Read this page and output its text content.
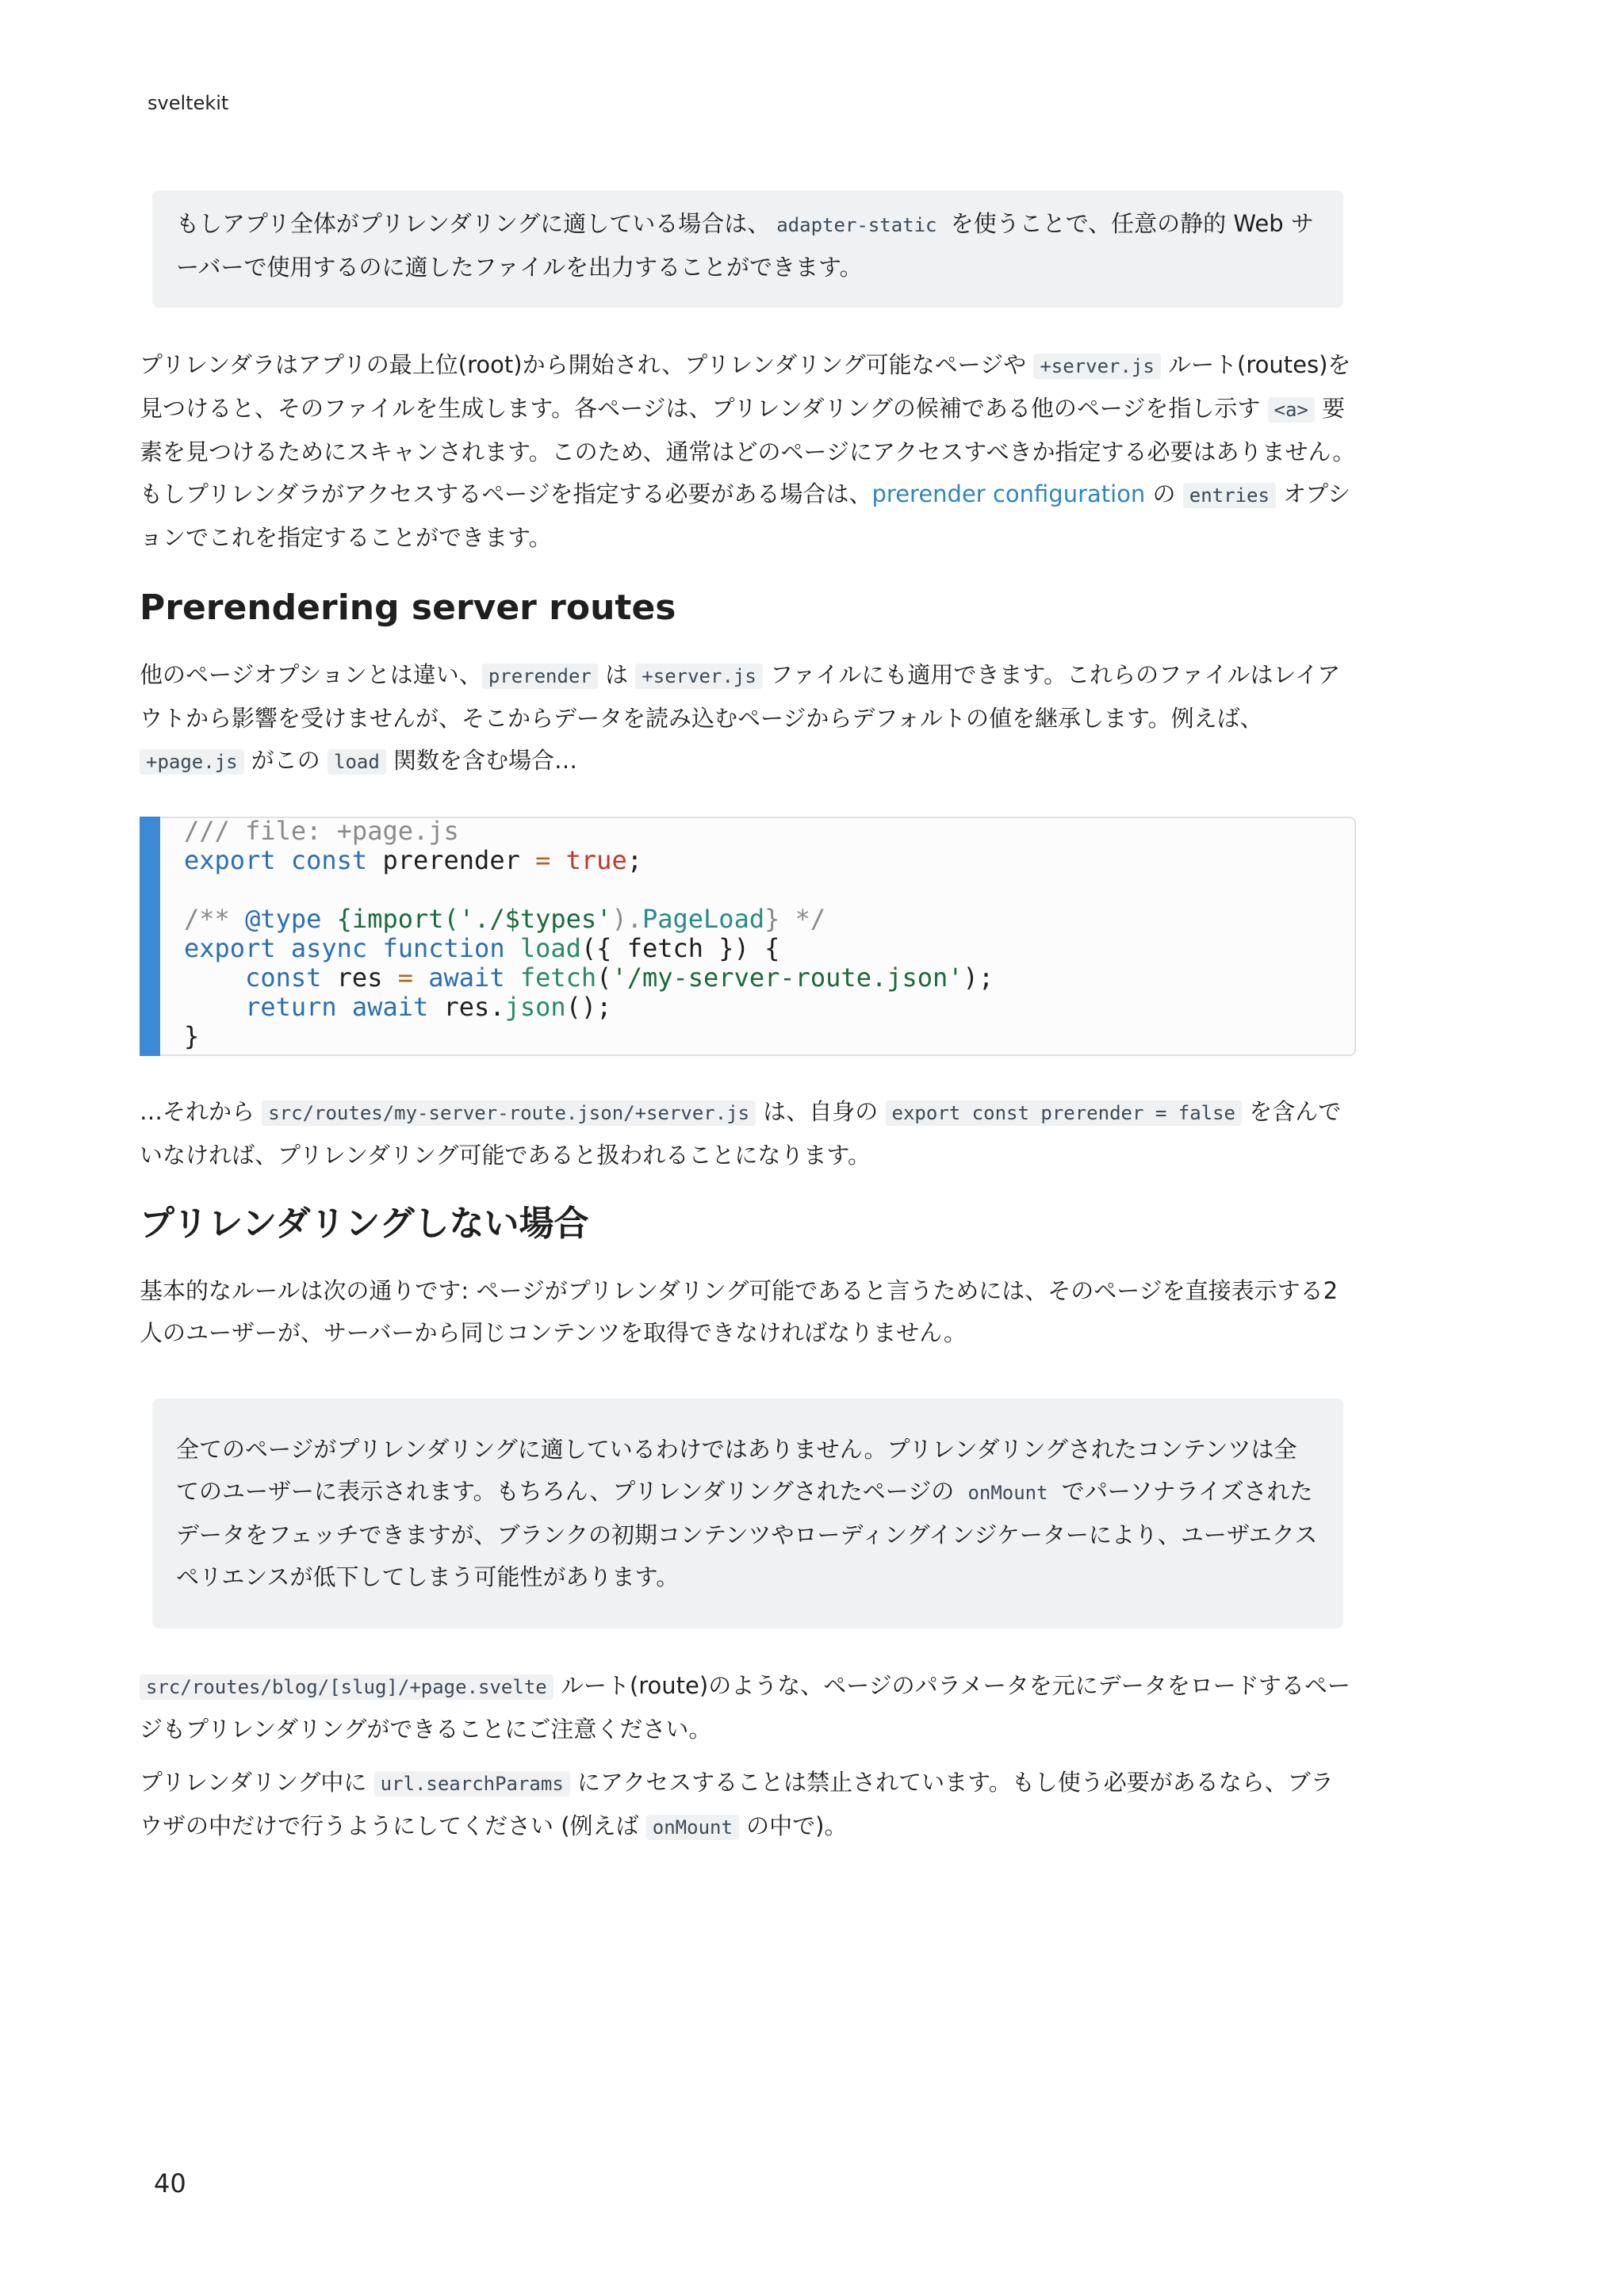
sveltekit
もしアプリ全体がプリレンダリングに適している場合は、 adapter-static を使うことで、任意の静的 Web サーバーで使用するのに適したファイルを出力することができます。
プリレンダラはアプリの最上位(root)から開始され、プリレンダリング可能なページや +server.js ルート(routes)を見つけると、そのファイルを生成します。各ページは、プリレンダリングの候補である他のページを指し示す <a> 要素を見つけるためにスキャンされます。このため、通常はどのページにアクセスすべきか指定する必要はありません。もしプリレンダラがアクセスするページを指定する必要がある場合は、prerender configuration の entries オプションでこれを指定することができます。
Prerendering server routes
他のページオプションとは違い、 prerender は +server.js ファイルにも適用できます。これらのファイルはレイアウトから影響を受けませんが、そこからデータを読み込むページからデフォルトの値を継承します。例えば、+page.js がこの load 関数を含む場合…
/// file: +page.js
export const prerender = true;

/** @type {import('./$types').PageLoad} */
export async function load({ fetch }) {
const res = await fetch('/my-server-route.json');
return await res.json();
}
…それから src/routes/my-server-route.json/+server.js は、自身の export const prerender = false を含んでいなければ、プリレンダリング可能であると扱われることになります。
プリレンダリングしない場合
基本的なルールは次の通りです: ページがプリレンダリング可能であると言うためには、そのページを直接表示する2人のユーザーが、サーバーから同じコンテンツを取得できなければなりません。
全てのページがプリレンダリングに適しているわけではありません。プリレンダリングされたコンテンツは全てのユーザーに表示されます。もちろん、プリレンダリングされたページの onMount でパーソナライズされたデータをフェッチできますが、ブランクの初期コンテンツやローディングインジケーターにより、ユーザエクスペリエンスが低下してしまう可能性があります。
src/routes/blog/[slug]/+page.svelte ルート(route)のような、ページのパラメータを元にデータをロードするページもプリレンダリングができることにご注意ください。
プリレンダリング中に url.searchParams にアクセスすることは禁止されています。もし使う必要があるなら、ブラウザの中だけで行うようにしてください (例えば onMount の中で)。
40
